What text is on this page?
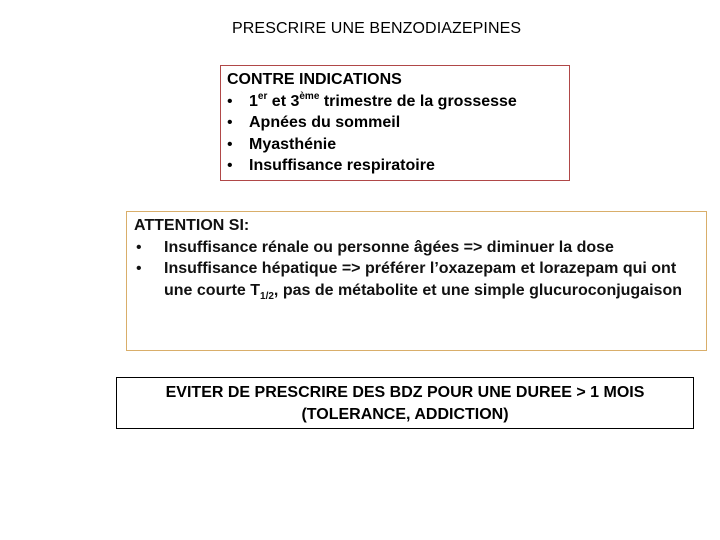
PRESCRIRE UNE BENZODIAZEPINES
CONTRE INDICATIONS
• 1er et 3ème trimestre de la grossesse
• Apnées du sommeil
• Myasthénie
• Insuffisance respiratoire
ATTENTION SI:
• Insuffisance rénale ou personne âgées => diminuer la dose
• Insuffisance hépatique => préférer l’oxazepam et lorazepam qui ont une courte $T_{1/2}$, pas de métabolite et une simple glucuroconjugaison
EVITER DE PRESCRIRE DES BDZ POUR UNE DUREE > 1 MOIS
(TOLERANCE, ADDICTION)
